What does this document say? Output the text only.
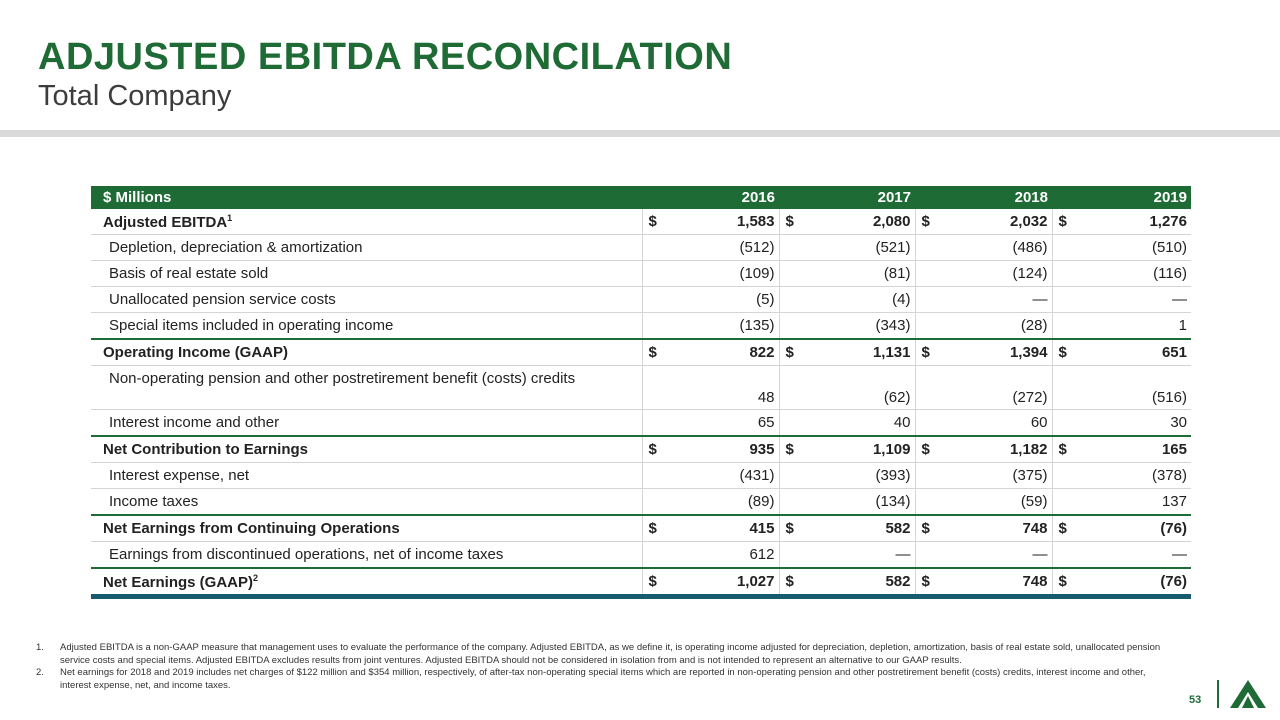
ADJUSTED EBITDA RECONCILATION
Total Company
$ Millions	2016		2017		2018		2019	
Adjusted EBITDA$^1$	$	1,583	$	2,080	$	2,032	$	1,276
Depletion, depreciation & amortization		(512)		(521)		(486)		(510)
Basis of real estate sold		(109)		(81)		(124)		(116)
Unallocated pension service costs		(5)		(4)		—		—
Special items included in operating income		(135)		(343)		(28)		1
Operating Income (GAAP)	$	822	$	1,131	$	1,394	$	651
Non-operating pension and other postretirement benefit (costs) credits		48		(62)		(272)		(516)
Interest income and other		65		40		60		30
Net Contribution to Earnings	$	935	$	1,109	$	1,182	$	165
Interest expense, net		(431)		(393)		(375)		(378)
Income taxes		(89)		(134)		(59)		137
Net Earnings from Continuing Operations	$	415	$	582	$	748	$	(76)
Earnings from discontinued operations, net of income taxes		612		—		—		—
Net Earnings (GAAP)$^2$	$	1,027	$	582	$	748	$	(76)
1.	Adjusted EBITDA is a non-GAAP measure that management uses to evaluate the performance of the company. Adjusted EBITDA, as we define it, is operating income adjusted for depreciation, depletion, amortization, basis of real estate sold, unallocated pension service costs and special items. Adjusted EBITDA excludes results from joint ventures. Adjusted EBITDA should not be considered in isolation from and is not intended to represent an alternative to our GAAP results.
2.	Net earnings for 2018 and 2019 includes net charges of $122 million and $354 million, respectively, of after-tax non-operating special items which are reported in non-operating pension and other postretirement benefit (costs) credits, interest income and other, interest expense, net, and income taxes.
53
